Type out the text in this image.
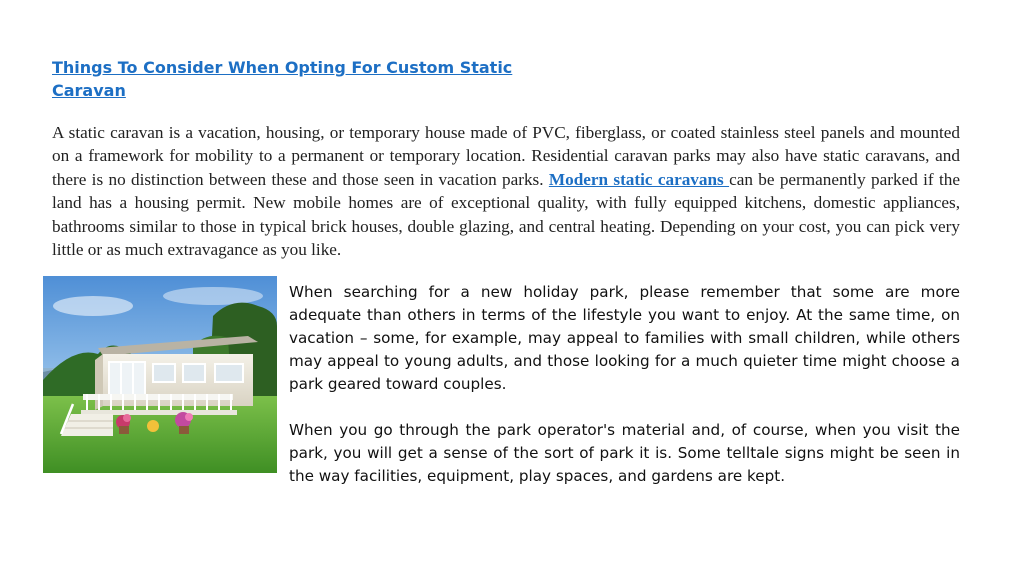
Things To Consider When Opting For Custom Static Caravan

A static caravan is a vacation, housing, or temporary house made of PVC, fiberglass, or coated stainless steel panels and mounted on a framework for mobility to a permanent or temporary location. Residential caravan parks may also have static caravans, and there is no distinction between these and those seen in vacation parks. Modern static caravans can be permanently parked if the land has a housing permit. New mobile homes are of exceptional quality, with fully equipped kitchens, domestic appliances, bathrooms similar to those in typical brick houses, double glazing, and central heating. Depending on your cost, you can pick very little or as much extravagance as you like.

When searching for a new holiday park, please remember that some are more adequate than others in terms of the lifestyle you want to enjoy. At the same time, on vacation – some, for example, may appeal to families with small children, while others may appeal to young adults, and those looking for a much quieter time might choose a park geared toward couples.

When you go through the park operator's material and, of course, when you visit the park, you will get a sense of the sort of park it is. Some telltale signs might be seen in the way facilities, equipment, play spaces, and gardens are kept.
